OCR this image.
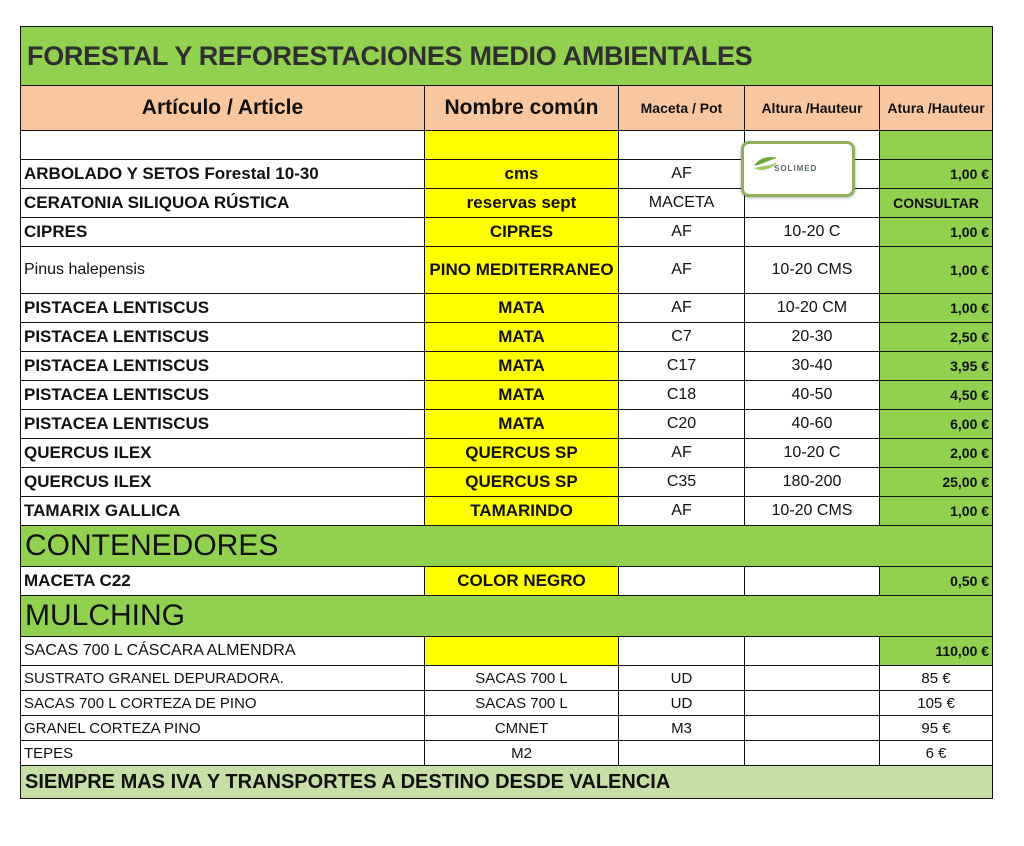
FORESTAL Y REFORESTACIONES MEDIO AMBIENTALES				
Artículo / Article	Nombre común	Maceta / Pot	Altura /Hauteur	Atura /Hauteur

ARBOLADO Y SETOS Forestal 10-30	cms	AF		1,00 €
CERATONIA SILIQUOA RÚSTICA	reservas sept	MACETA		CONSULTAR
CIPRES	CIPRES	AF	10-20 C	1,00 €
Pinus halepensis	PINO MEDITERRANEO	AF	10-20 CMS	1,00 €
PISTACEA LENTISCUS	MATA	AF	10-20 CM	1,00 €
PISTACEA LENTISCUS	MATA	C7	20-30	2,50 €
PISTACEA LENTISCUS	MATA	C17	30-40	3,95 €
PISTACEA LENTISCUS	MATA	C18	40-50	4,50 €
PISTACEA LENTISCUS	MATA	C20	40-60	6,00 €
QUERCUS ILEX	QUERCUS SP	AF	10-20 C	2,00 €
QUERCUS ILEX	QUERCUS SP	C35	180-200	25,00 €
TAMARIX GALLICA	TAMARINDO	AF	10-20 CMS	1,00 €
CONTENEDORES				
MACETA C22	COLOR NEGRO			0,50 €
MULCHING				
SACAS 700 L CÁSCARA ALMENDRA				110,00 €
SUSTRATO GRANEL DEPURADORA.	SACAS 700 L	UD		85 €
SACAS 700 L CORTEZA DE PINO	SACAS 700 L	UD		105 €
GRANEL CORTEZA PINO	CMNET	M3		95 €
TEPES	M2			6 €
SIEMPRE MAS IVA Y TRANSPORTES A DESTINO DESDE VALENCIA				
SOLIMED
